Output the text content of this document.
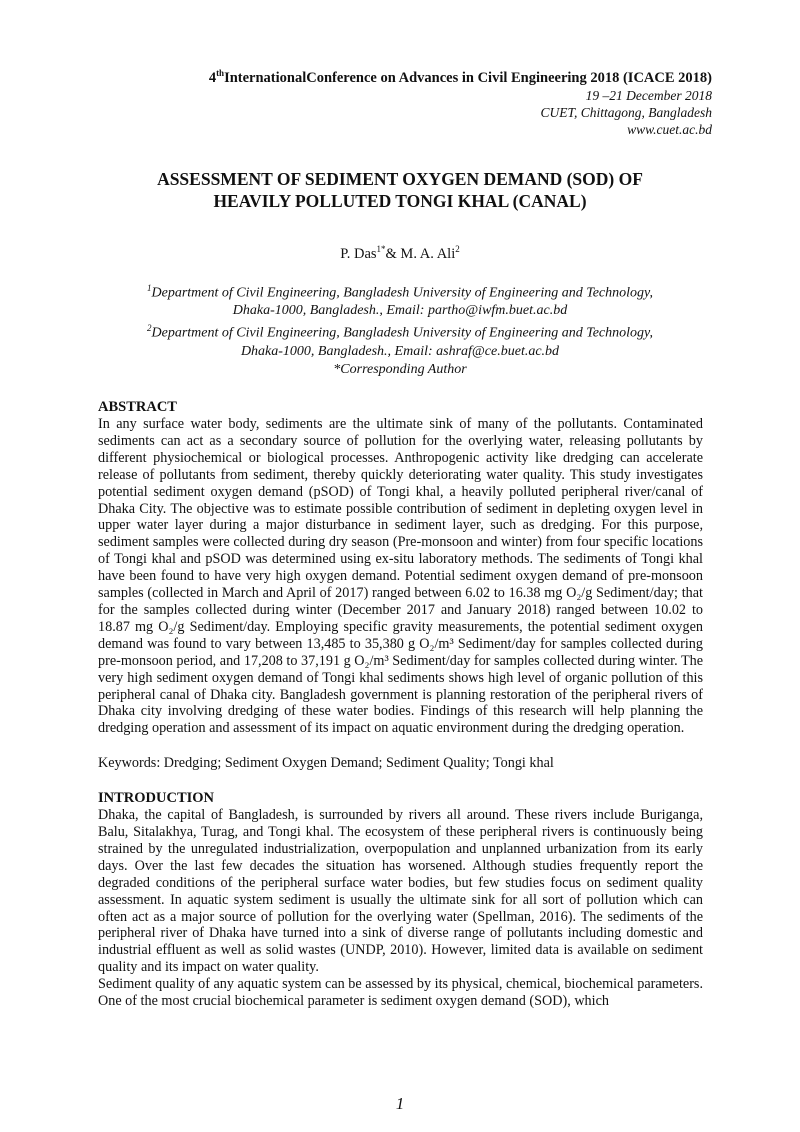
4thInternationalConference on Advances in Civil Engineering 2018 (ICACE 2018)
19 –21 December 2018
CUET, Chittagong, Bangladesh
www.cuet.ac.bd
ASSESSMENT OF SEDIMENT OXYGEN DEMAND (SOD) OF
HEAVILY POLLUTED TONGI KHAL (CANAL)
P. Das$^{1*}$& M. A. Ali$^2$
$^1$Department of Civil Engineering, Bangladesh University of Engineering and Technology,
Dhaka-1000, Bangladesh., Email: partho@iwfm.buet.ac.bd
$^2$Department of Civil Engineering, Bangladesh University of Engineering and Technology,
Dhaka-1000, Bangladesh., Email: ashraf@ce.buet.ac.bd
*Corresponding Author
ABSTRACT

In any surface water body, sediments are the ultimate sink of many of the pollutants. Contaminated sediments can act as a secondary source of pollution for the overlying water, releasing pollutants by different physiochemical or biological processes. Anthropogenic activity like dredging can accelerate release of pollutants from sediment, thereby quickly deteriorating water quality. This study investigates potential sediment oxygen demand (pSOD) of Tongi khal, a heavily polluted peripheral river/canal of Dhaka City. The objective was to estimate possible contribution of sediment in depleting oxygen level in upper water layer during a major disturbance in sediment layer, such as dredging. For this purpose, sediment samples were collected during dry season (Pre-monsoon and winter) from four specific locations of Tongi khal and pSOD was determined using ex-situ laboratory methods. The sediments of Tongi khal have been found to have very high oxygen demand. Potential sediment oxygen demand of pre-monsoon samples (collected in March and April of 2017) ranged between 6.02 to 16.38 mg O₂/g Sediment/day; that for the samples collected during winter (December 2017 and January 2018) ranged between 10.02 to 18.87 mg O₂/g Sediment/day. Employing specific gravity measurements, the potential sediment oxygen demand was found to vary between 13,485 to 35,380 g O₂/m³ Sediment/day for samples collected during pre-monsoon period, and 17,208 to 37,191 g O₂/m³ Sediment/day for samples collected during winter. The very high sediment oxygen demand of Tongi khal sediments shows high level of organic pollution of this peripheral canal of Dhaka city. Bangladesh government is planning restoration of the peripheral rivers of Dhaka city involving dredging of these water bodies. Findings of this research will help planning the dredging operation and assessment of its impact on aquatic environment during the dredging operation.

Keywords: Dredging; Sediment Oxygen Demand; Sediment Quality; Tongi khal

INTRODUCTION

Dhaka, the capital of Bangladesh, is surrounded by rivers all around. These rivers include Buriganga, Balu, Sitalakhya, Turag, and Tongi khal. The ecosystem of these peripheral rivers is continuously being strained by the unregulated industrialization, overpopulation and unplanned urbanization from its early days. Over the last few decades the situation has worsened. Although studies frequently report the degraded conditions of the peripheral surface water bodies, but few studies focus on sediment quality assessment. In aquatic system sediment is usually the ultimate sink for all sort of pollution which can often act as a major source of pollution for the overlying water (Spellman, 2016). The sediments of the peripheral river of Dhaka have turned into a sink of diverse range of pollutants including domestic and industrial effluent as well as solid wastes (UNDP, 2010). However, limited data is available on sediment quality and its impact on water quality.

Sediment quality of any aquatic system can be assessed by its physical, chemical, biochemical parameters. One of the most crucial biochemical parameter is sediment oxygen demand (SOD), which

1
